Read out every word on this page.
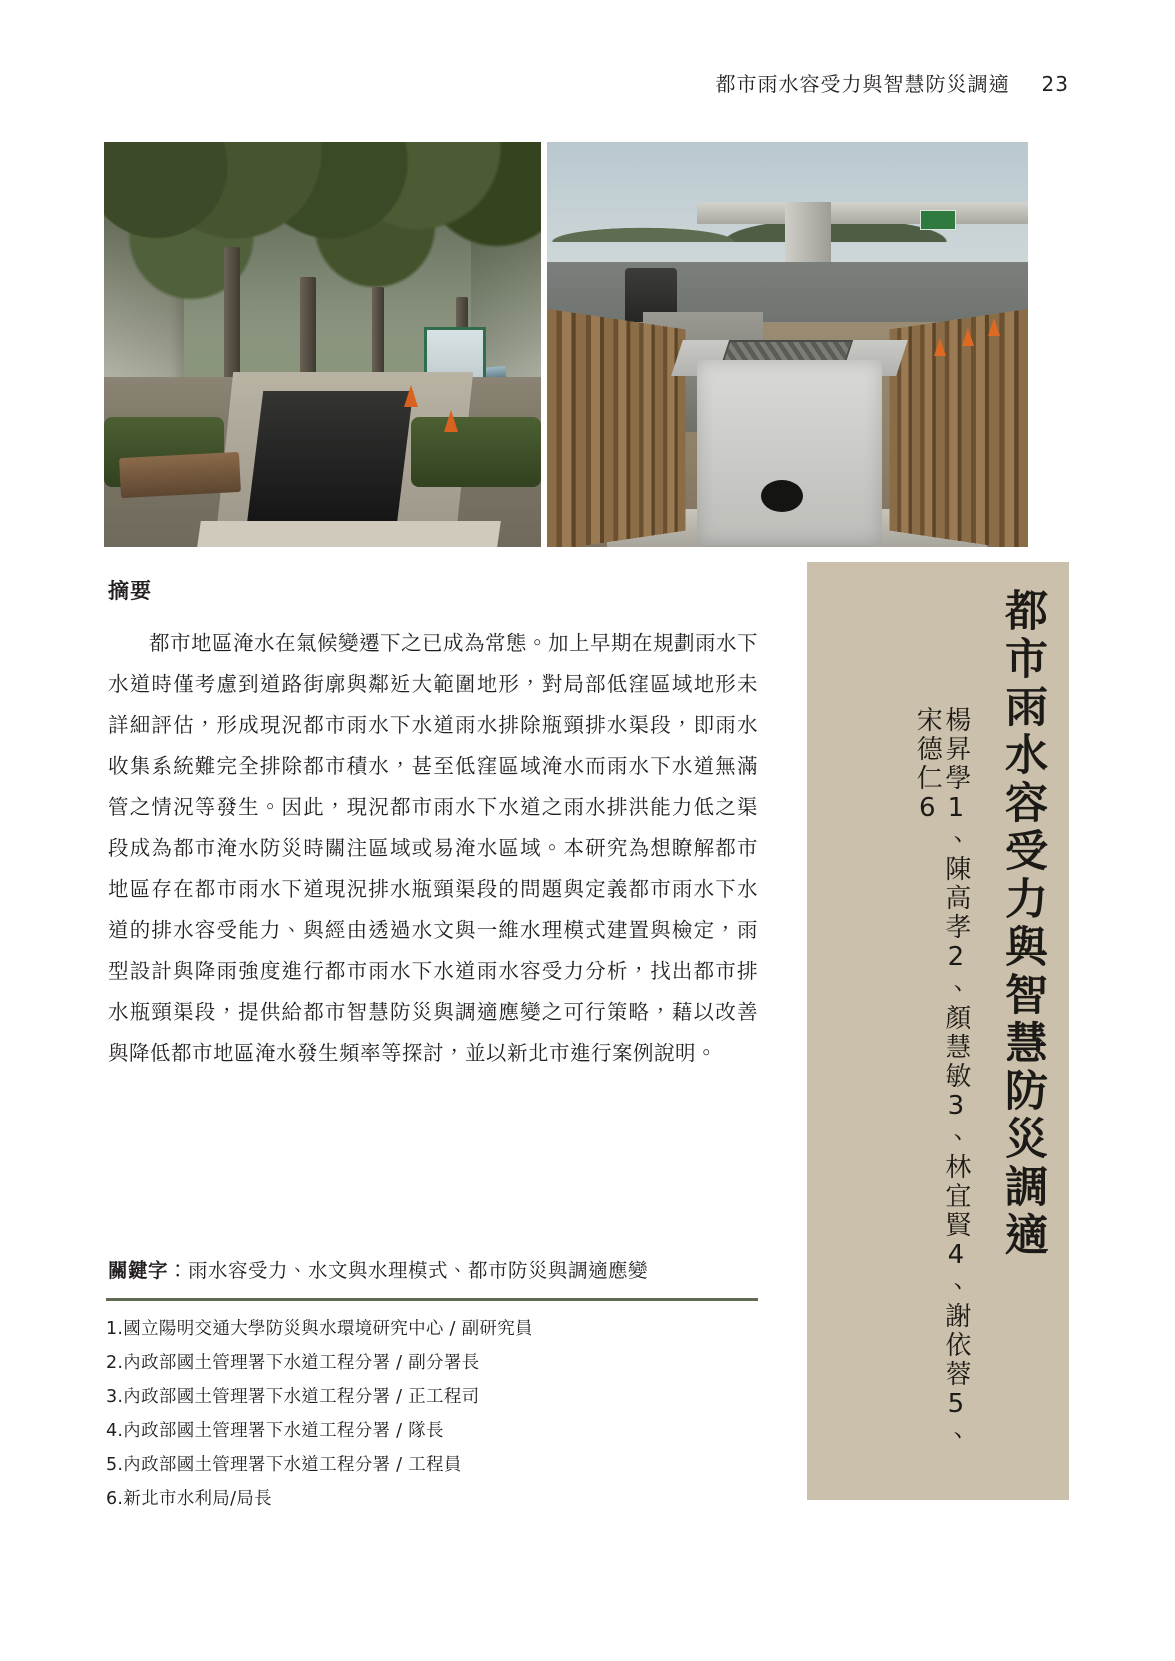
都市雨水容受力與智慧防災調適 23
摘要

都市地區淹水在氣候變遷下之已成為常態。加上早期在規劃雨水下水道時僅考慮到道路街廓與鄰近大範圍地形，對局部低窪區域地形未詳細評估，形成現況都市雨水下水道雨水排除瓶頸排水渠段，即雨水收集系統難完全排除都市積水，甚至低窪區域淹水而雨水下水道無滿管之情況等發生。因此，現況都市雨水下水道之雨水排洪能力低之渠段成為都市淹水防災時關注區域或易淹水區域。本研究為想瞭解都市地區存在都市雨水下道現況排水瓶頸渠段的問題與定義都市雨水下水道的排水容受能力、與經由透過水文與一維水理模式建置與檢定，雨型設計與降雨強度進行都市雨水下水道雨水容受力分析，找出都市排水瓶頸渠段，提供給都市智慧防災與調適應變之可行策略，藉以改善與降低都市地區淹水發生頻率等探討，並以新北市進行案例說明。

關鍵字：雨水容受力、水文與水理模式、都市防災與調適應變
1.國立陽明交通大學防災與水環境研究中心 / 副研究員
2.內政部國土管理署下水道工程分署 / 副分署長
3.內政部國土管理署下水道工程分署 / 正工程司
4.內政部國土管理署下水道工程分署 / 隊長
5.內政部國土管理署下水道工程分署 / 工程員
6.新北市水利局/局長
都市雨水容受力與智慧防災調適
楊昇學1、陳高孝2、顏慧敏3、林宜賢4、謝依蓉5、宋德仁6
